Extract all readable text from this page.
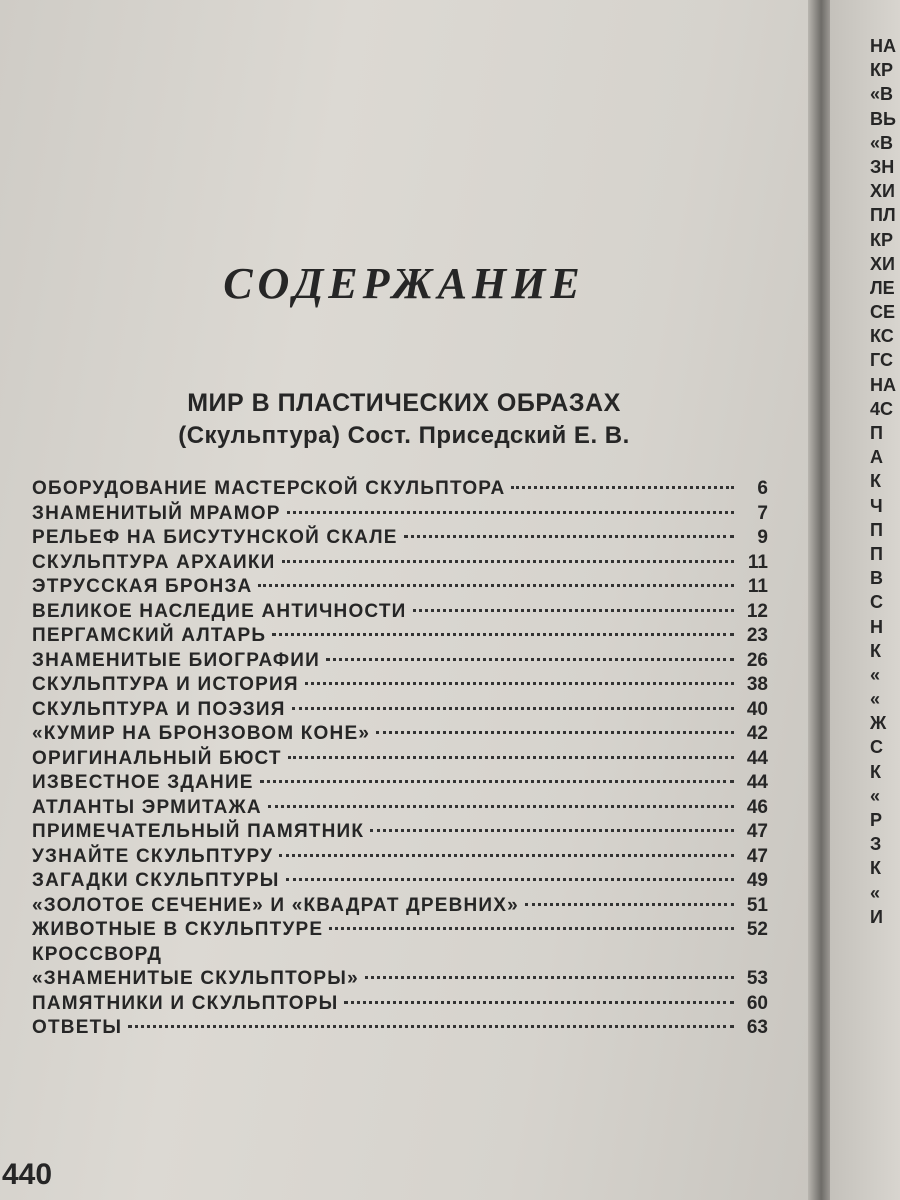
СОДЕРЖАНИЕ
МИР В ПЛАСТИЧЕСКИХ ОБРАЗАХ
(Скульптура) Сост. Приседский Е. В.
ОБОРУДОВАНИЕ МАСТЕРСКОЙ СКУЛЬПТОРА	6
ЗНАМЕНИТЫЙ МРАМОР	7
РЕЛЬЕФ НА БИСУТУНСКОЙ СКАЛЕ	9
СКУЛЬПТУРА АРХАИКИ	11
ЭТРУССКАЯ БРОНЗА	11
ВЕЛИКОЕ НАСЛЕДИЕ АНТИЧНОСТИ	12
ПЕРГАМСКИЙ АЛТАРЬ	23
ЗНАМЕНИТЫЕ БИОГРАФИИ	26
СКУЛЬПТУРА И ИСТОРИЯ	38
СКУЛЬПТУРА И ПОЭЗИЯ	40
«КУМИР НА БРОНЗОВОМ КОНЕ»	42
ОРИГИНАЛЬНЫЙ БЮСТ	44
ИЗВЕСТНОЕ ЗДАНИЕ	44
АТЛАНТЫ ЭРМИТАЖА	46
ПРИМЕЧАТЕЛЬНЫЙ ПАМЯТНИК	47
УЗНАЙТЕ СКУЛЬПТУРУ	47
ЗАГАДКИ СКУЛЬПТУРЫ	49
«ЗОЛОТОЕ СЕЧЕНИЕ» И «КВАДРАТ ДРЕВНИХ»	51
ЖИВОТНЫЕ В СКУЛЬПТУРЕ	52
КРОССВОРД
«ЗНАМЕНИТЫЕ СКУЛЬПТОРЫ»	53
ПАМЯТНИКИ И СКУЛЬПТОРЫ	60
ОТВЕТЫ	63
440
НА
КР
«В
ВЬ
«В
ЗН
ХИ
ПЛ
КР
ХИ
ЛЕ
СЕ
КС
ГС
НА
4С
П
А
К
Ч
П
П
В
С
Н
К
«
«
Ж
С
К
«
Р
З
К
«
И
